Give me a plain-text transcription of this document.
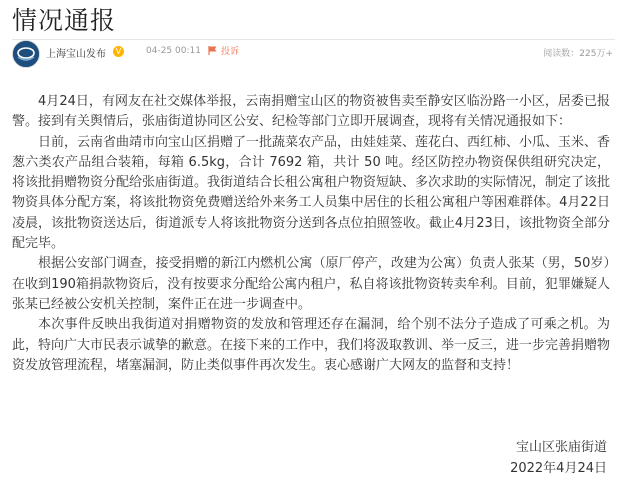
情况通报
上海宝山发布	V	04-25 00:11 投诉	阅读数：225万+

4月24日，有网友在社交媒体举报，云南捐赠宝山区的物资被售卖至静安区临汾路一小区，居委已报警。接到有关舆情后，张庙街道协同区公安、纪检等部门立即开展调查，现将有关情况通报如下：

日前，云南省曲靖市向宝山区捐赠了一批蔬菜农产品，由娃娃菜、莲花白、西红柿、小瓜、玉米、香葱六类农产品组合装箱，每箱 6.5kg，合计 7692 箱，共计 50 吨。经区防控办物资保供组研究决定，将该批捐赠物资分配给张庙街道。我街道结合长租公寓租户物资短缺、多次求助的实际情况，制定了该批物资具体分配方案，将该批物资免费赠送给外来务工人员集中居住的长租公寓租户等困难群体。4月22日凌晨，该批物资送达后，街道派专人将该批物资分送到各点位拍照签收。截止4月23日，该批物资全部分配完毕。

根据公安部门调查，接受捐赠的新江内燃机公寓（原厂停产，改建为公寓）负责人张某（男，50岁）在收到190箱捐款物资后，没有按要求分配给公寓内租户，私自将该批物资转卖牟利。目前，犯罪嫌疑人张某已经被公安机关控制，案件正在进一步调查中。

本次事件反映出我街道对捐赠物资的发放和管理还存在漏洞，给个别不法分子造成了可乘之机。为此，特向广大市民表示诚挚的歉意。在接下来的工作中，我们将汲取教训、举一反三，进一步完善捐赠物资发放管理流程，堵塞漏洞，防止类似事件再次发生。衷心感谢广大网友的监督和支持！

宝山区张庙街道
2022年4月24日
